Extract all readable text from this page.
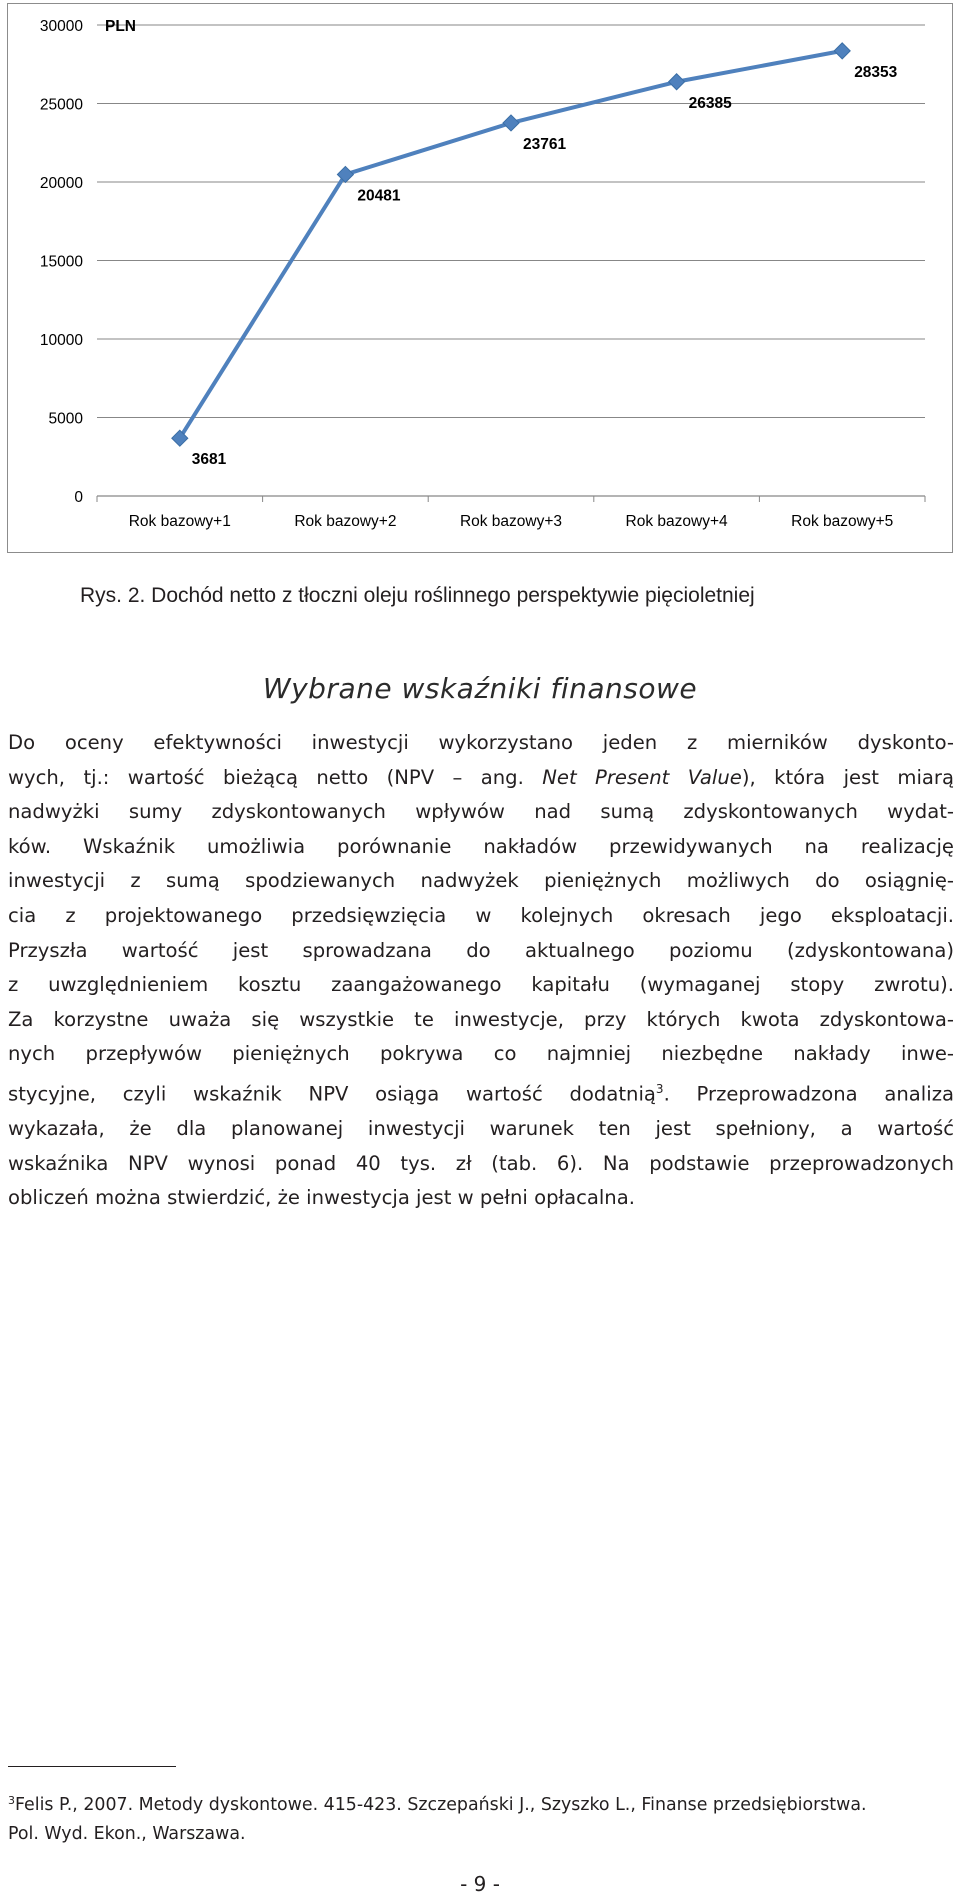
0
5000
10000
15000
20000
25000
30000
Rok bazowy+1	Rok bazowy+2	Rok bazowy+3	Rok bazowy+4	Rok bazowy+5
PLN
3681
20481
23761
26385
28353
Rys. 2. Dochód netto z tłoczni oleju roślinnego perspektywie pięcioletniej
Wybrane wskaźniki finansowe
Do oceny efektywności inwestycji wykorzystano jeden z mierników dyskonto-
wych, tj.: wartość bieżącą netto (NPV – ang. Net Present Value), która jest miarą
nadwyżki sumy zdyskontowanych wpływów nad sumą zdyskontowanych wydat-
ków. Wskaźnik umożliwia porównanie nakładów przewidywanych na realizację
inwestycji z sumą spodziewanych nadwyżek pieniężnych możliwych do osiągnię-
cia z projektowanego przedsięwzięcia w kolejnych okresach jego eksploatacji.
Przyszła wartość jest sprowadzana do aktualnego poziomu (zdyskontowana)
z uwzględnieniem kosztu zaangażowanego kapitału (wymaganej stopy zwrotu).
Za korzystne uważa się wszystkie te inwestycje, przy których kwota zdyskontowa-
nych przepływów pieniężnych pokrywa co najmniej niezbędne nakłady inwe-
stycyjne, czyli wskaźnik NPV osiąga wartość dodatnią$^3$. Przeprowadzona analiza
wykazała, że dla planowanej inwestycji warunek ten jest spełniony, a wartość
wskaźnika NPV wynosi ponad 40 tys. zł (tab. 6). Na podstawie przeprowadzonych
obliczeń można stwierdzić, że inwestycja jest w pełni opłacalna.
$^3$Felis P., 2007. Metody dyskontowe. 415-423. Szczepański J., Szyszko L., Finanse przedsiębiorstwa.
Pol. Wyd. Ekon., Warszawa.
- 9 -
